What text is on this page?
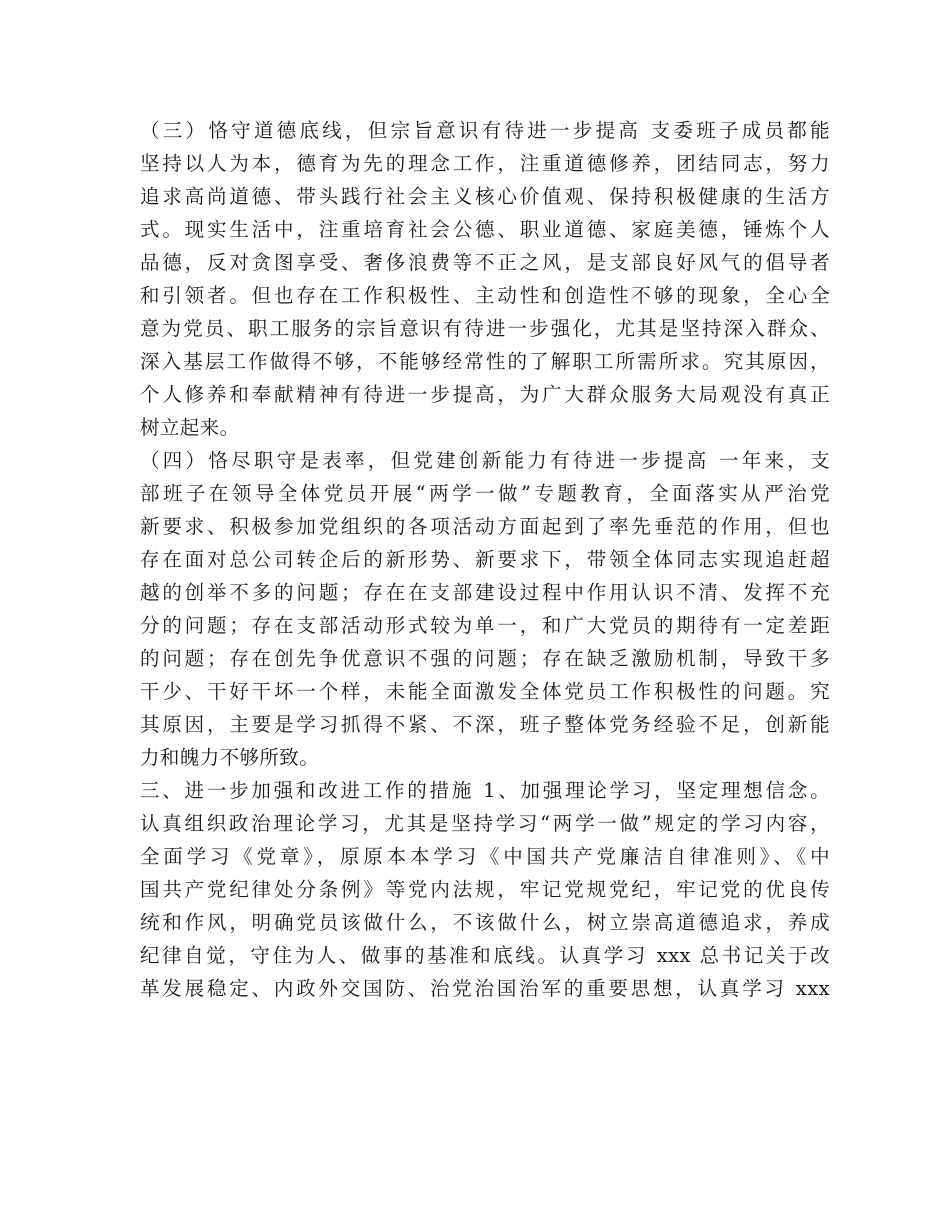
（三）恪守道德底线，但宗旨意识有待进一步提高 支委班子成员都能
坚持以人为本，德育为先的理念工作，注重道德修养，团结同志，努力
追求高尚道德、带头践行社会主义核心价值观、保持积极健康的生活方
式。现实生活中，注重培育社会公德、职业道德、家庭美德，锤炼个人
品德，反对贪图享受、奢侈浪费等不正之风，是支部良好风气的倡导者
和引领者。但也存在工作积极性、主动性和创造性不够的现象，全心全
意为党员、职工服务的宗旨意识有待进一步强化，尤其是坚持深入群众、
深入基层工作做得不够，不能够经常性的了解职工所需所求。究其原因，
个人修养和奉献精神有待进一步提高，为广大群众服务大局观没有真正
树立起来。
（四）恪尽职守是表率，但党建创新能力有待进一步提高 一年来，支
部班子在领导全体党员开展“两学一做”专题教育，全面落实从严治党
新要求、积极参加党组织的各项活动方面起到了率先垂范的作用，但也
存在面对总公司转企后的新形势、新要求下，带领全体同志实现追赶超
越的创举不多的问题；存在在支部建设过程中作用认识不清、发挥不充
分的问题；存在支部活动形式较为单一，和广大党员的期待有一定差距
的问题；存在创先争优意识不强的问题；存在缺乏激励机制，导致干多
干少、干好干坏一个样，未能全面激发全体党员工作积极性的问题。究
其原因，主要是学习抓得不紧、不深，班子整体党务经验不足，创新能
力和魄力不够所致。
三、进一步加强和改进工作的措施 1、加强理论学习，坚定理想信念。
认真组织政治理论学习，尤其是坚持学习“两学一做”规定的学习内容，
全面学习《党章》，原原本本学习《中国共产党廉洁自律准则》、《中
国共产党纪律处分条例》等党内法规，牢记党规党纪，牢记党的优良传
统和作风，明确党员该做什么，不该做什么，树立崇高道德追求，养成
纪律自觉，守住为人、做事的基准和底线。认真学习 xxx 总书记关于改
革发展稳定、内政外交国防、治党治国治军的重要思想，认真学习 xxx
